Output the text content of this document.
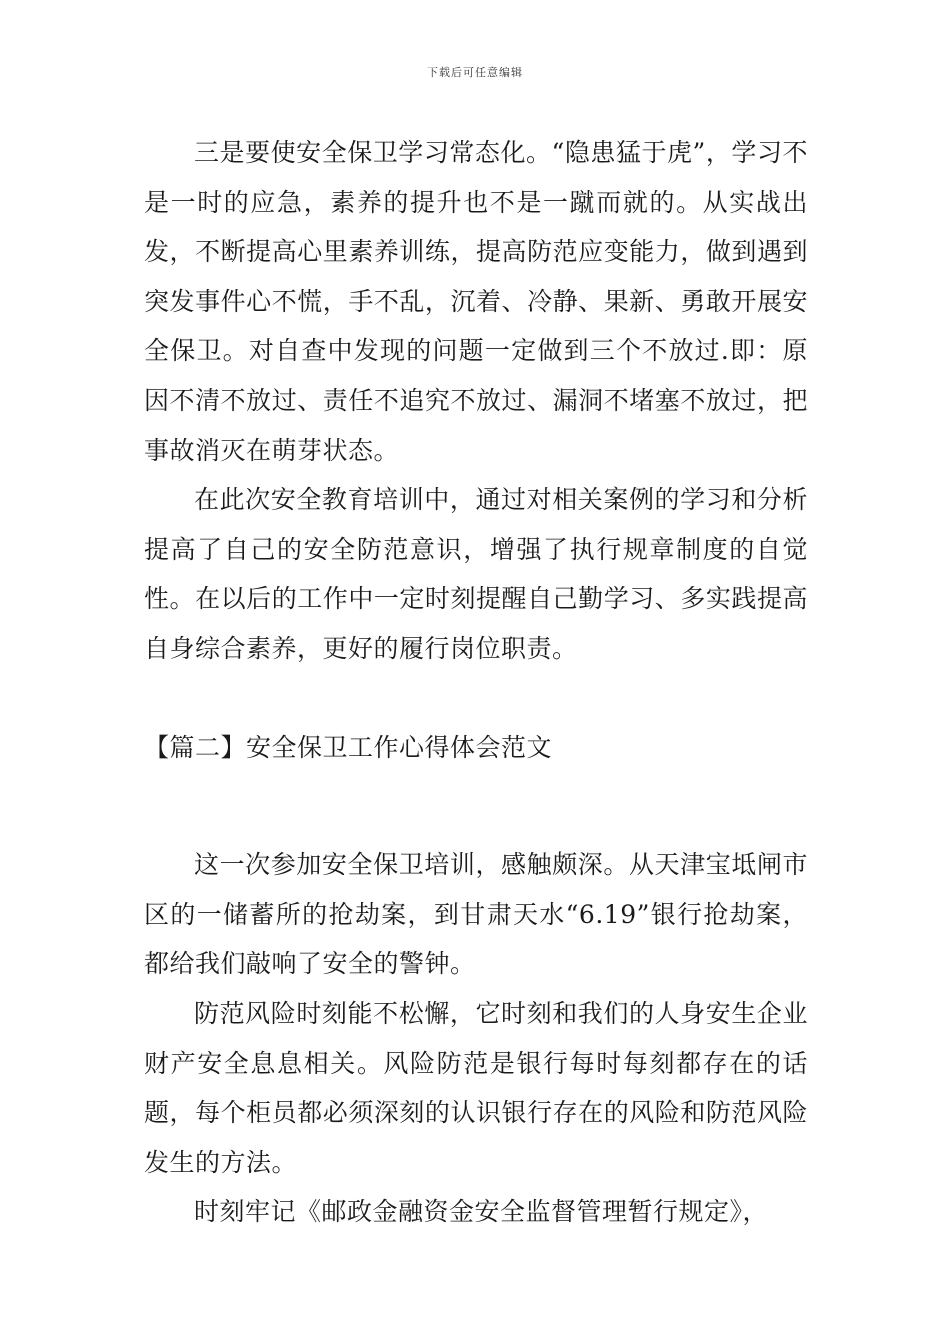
下载后可任意编辑

三是要使安全保卫学习常态化。“隐患猛于虎”，学习不是一时的应急，素养的提升也不是一蹴而就的。从实战出发，不断提高心里素养训练，提高防范应变能力，做到遇到突发事件心不慌，手不乱，沉着、冷静、果新、勇敢开展安全保卫。对自查中发现的问题一定做到三个不放过.即：原因不清不放过、责任不追究不放过、漏洞不堵塞不放过，把事故消灭在萌芽状态。

在此次安全教育培训中，通过对相关案例的学习和分析提高了自己的安全防范意识，增强了执行规章制度的自觉性。在以后的工作中一定时刻提醒自己勤学习、多实践提高自身综合素养，更好的履行岗位职责。

【篇二】安全保卫工作心得体会范文

这一次参加安全保卫培训，感触颇深。从天津宝坻闸市区的一储蓄所的抢劫案，到甘肃天水“6.19”银行抢劫案，都给我们敲响了安全的警钟。

防范风险时刻能不松懈，它时刻和我们的人身安生企业财产安全息息相关。风险防范是银行每时每刻都存在的话题，每个柜员都必须深刻的认识银行存在的风险和防范风险发生的方法。

时刻牢记《邮政金融资金安全监督管理暂行规定》，
